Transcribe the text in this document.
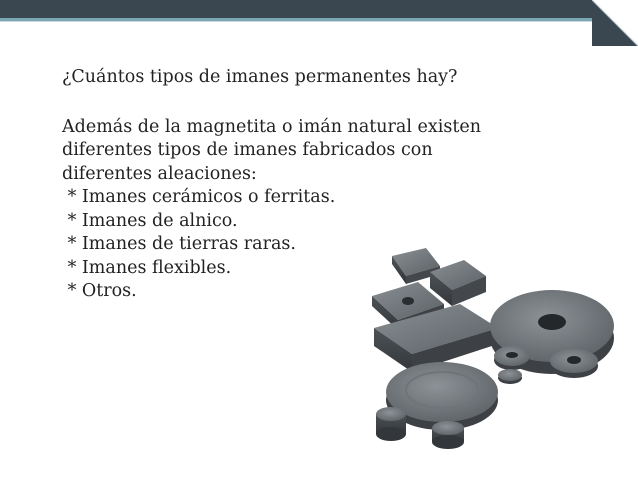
¿Cuántos tipos de imanes permanentes hay?
Además de la magnetita o imán natural existen
diferentes tipos de imanes fabricados con
diferentes aleaciones:
* Imanes cerámicos o ferritas.
* Imanes de alnico.
* Imanes de tierras raras.
* Imanes flexibles.
* Otros.
